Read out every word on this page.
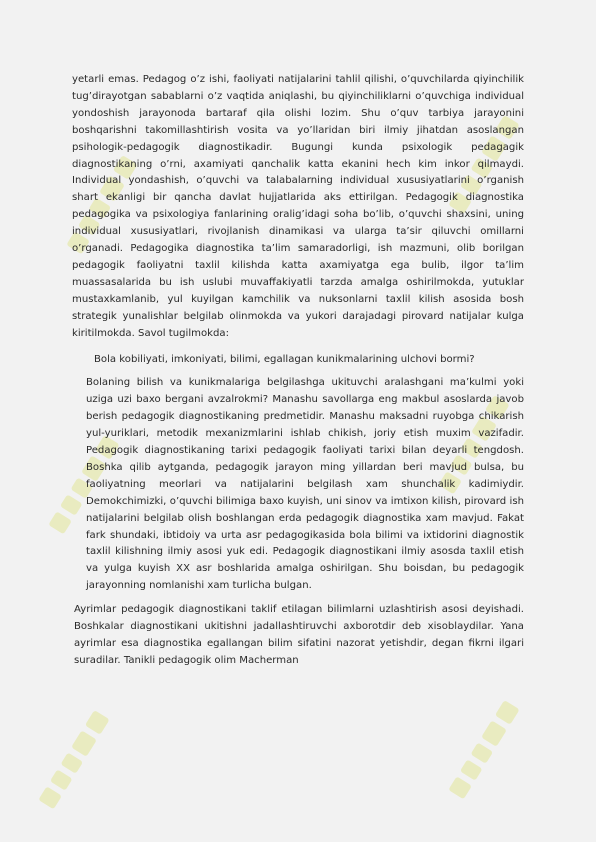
yetarli emas. Pedagog o’z ishi, faoliyati natijalarini tahlil qilishi, o’quvchilarda qiyinchilik tug’dirayotgan sabablarni o’z vaqtida aniqlashi, bu qiyinchiliklarni o’quvchiga individual yondoshish jarayonoda bartaraf qila olishi lozim. Shu o’quv tarbiya jarayonini boshqarishni takomillashtirish vosita va yo’llaridan biri ilmiy jihatdan asoslangan psihologik-pedagogik diagnostikadir. Bugungi kunda psixologik pedagagik diagnostikaning o’rni, axamiyati qanchalik katta ekanini hech kim inkor qilmaydi. Individual yondashish, o’quvchi va talabalarning individual xususiyatlarini o’rganish shart ekanligi bir qancha davlat hujjatlarida aks ettirilgan. Pedagogik diagnostika pedagogika va psixologiya fanlarining oralig’idagi soha bo’lib, o’quvchi shaxsini, uning individual xususiyatlari, rivojlanish dinamikasi va ularga ta’sir qiluvchi omillarni o’rganadi. Pedagogika diagnostika ta’lim samaradorligi, ish mazmuni, olib borilgan pedagogik faoliyatni taxlil kilishda katta axamiyatga ega bulib, ilgor ta’lim muassasalarida bu ish uslubi muvaffakiyatli tarzda amalga oshirilmokda, yutuklar mustaxkamlanib, yul kuyilgan kamchilik va nuksonlarni taxlil kilish asosida bosh strategik yunalishlar belgilab olinmokda va yukori darajadagi pirovard natijalar kulga kiritilmokda. Savol tugilmokda:

Bola kobiliyati, imkoniyati, bilimi, egallagan kunikmalarining ulchovi bormi?

Bolaning bilish va kunikmalariga belgilashga ukituvchi aralashgani ma’kulmi yoki uziga uzi baxo bergani avzalrokmi? Manashu savollarga eng makbul asoslarda javob berish pedagogik diagnostikaning predmetidir. Manashu maksadni ruyobga chikarish yul-yuriklari, metodik mexanizmlarini ishlab chikish, joriy etish muxim vazifadir. Pedagogik diagnostikaning tarixi pedagogik faoliyati tarixi bilan deyarli tengdosh. Boshka qilib aytganda, pedagogik jarayon ming yillardan beri mavjud bulsa, bu faoliyatning meorlari va natijalarini belgilash xam shunchalik kadimiydir. Demokchimizki, o’quvchi bilimiga baxo kuyish, uni sinov va imtixon kilish, pirovard ish natijalarini belgilab olish boshlangan erda pedagogik diagnostika xam mavjud. Fakat fark shundaki, ibtidoiy va urta asr pedagogikasida bola bilimi va ixtidorini diagnostik taxlil kilishning ilmiy asosi yuk edi. Pedagogik diagnostikani ilmiy asosda taxlil etish va yulga kuyish XX asr boshlarida amalga oshirilgan. Shu boisdan, bu pedagogik jarayonning nomlanishi xam turlicha bulgan.

Ayrimlar pedagogik diagnostikani taklif etilagan bilimlarni uzlashtirish asosi deyishadi. Boshkalar diagnostikani ukitishni jadallashtiruvchi axborotdir deb xisoblaydilar. Yana ayrimlar esa diagnostika egallangan bilim sifatini nazorat yetishdir, degan fikrni ilgari suradilar. Tanikli pedagogik olim Macherman
